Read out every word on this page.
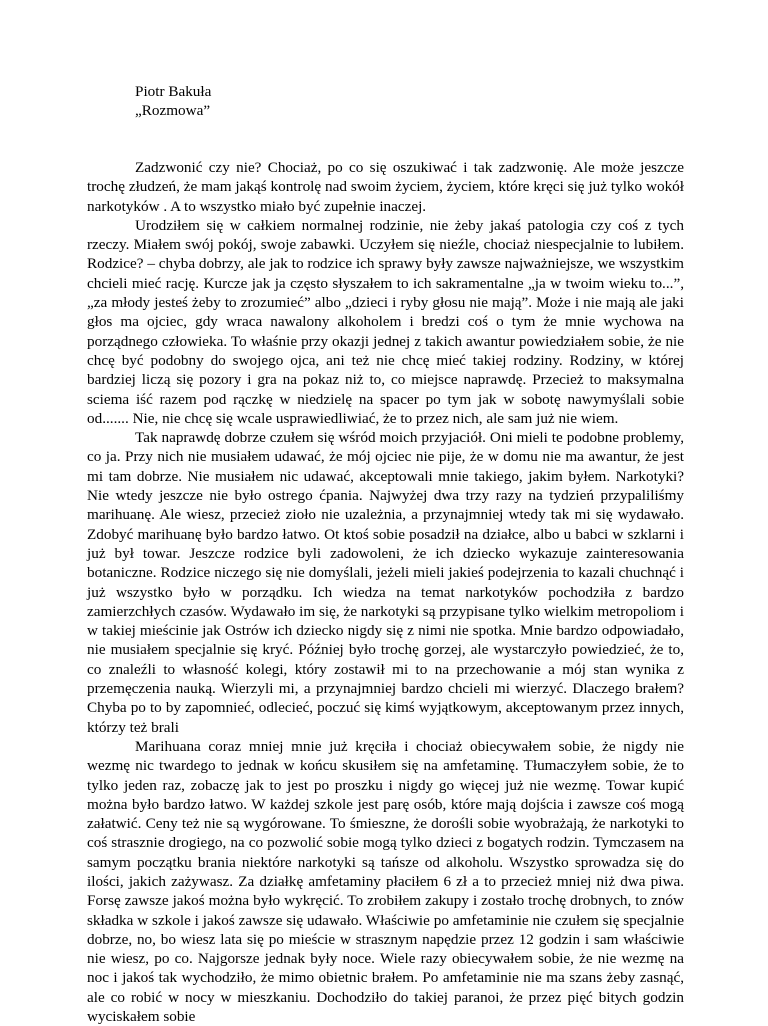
Piotr Bakuła
„Rozmowa”

Zadzwonić czy nie? Chociaż, po co się oszukiwać i tak zadzwonię. Ale może jeszcze trochę złudzeń, że mam jakąś kontrolę nad swoim życiem, życiem, które kręci się już tylko wokół narkotyków . A to wszystko miało być zupełnie inaczej.

Urodziłem się w całkiem normalnej rodzinie, nie żeby jakaś patologia czy coś z tych rzeczy. Miałem swój pokój, swoje zabawki. Uczyłem się nieźle, chociaż niespecjalnie to lubiłem. Rodzice? – chyba dobrzy, ale jak to rodzice ich sprawy były zawsze najważniejsze, we wszystkim chcieli mieć rację. Kurcze jak ja często słyszałem to ich sakramentalne „ja w twoim wieku to...”, „za młody jesteś żeby to zrozumieć” albo „dzieci i ryby głosu nie mają”. Może i nie mają ale jaki głos ma ojciec, gdy wraca nawalony alkoholem i bredzi coś o tym że mnie wychowa na porządnego człowieka. To właśnie przy okazji jednej z takich awantur powiedziałem sobie, że nie chcę być podobny do swojego ojca, ani też nie chcę mieć takiej rodziny. Rodziny, w której bardziej liczą się pozory i gra na pokaz niż to, co miejsce naprawdę. Przecież to maksymalna sciema iść razem pod rączkę w niedzielę na spacer po tym jak w sobotę nawymyślali sobie od....... Nie, nie chcę się wcale usprawiedliwiać, że to przez nich, ale sam już nie wiem.

Tak naprawdę dobrze czułem się wśród moich przyjaciół. Oni mieli te podobne problemy, co ja. Przy nich nie musiałem udawać, że mój ojciec nie pije, że w domu nie ma awantur, że jest mi tam dobrze. Nie musiałem nic udawać, akceptowali mnie takiego, jakim byłem. Narkotyki? Nie wtedy jeszcze nie było ostrego ćpania. Najwyżej dwa trzy razy na tydzień przypaliliśmy marihuanę. Ale wiesz, przecież zioło nie uzależnia, a przynajmniej wtedy tak mi się wydawało. Zdobyć marihuanę było bardzo łatwo. Ot ktoś sobie posadził na działce, albo u babci w szklarni i już był towar. Jeszcze rodzice byli zadowoleni, że ich dziecko wykazuje zainteresowania botaniczne. Rodzice niczego się nie domyślali, jeżeli mieli jakieś podejrzenia to kazali chuchnąć i już wszystko było w porządku. Ich wiedza na temat narkotyków pochodziła z bardzo zamierzchłych czasów. Wydawało im się, że narkotyki są przypisane tylko wielkim metropoliom i w takiej mieścinie jak Ostrów ich dziecko nigdy się z nimi nie spotka. Mnie bardzo odpowiadało, nie musiałem specjalnie się kryć. Później było trochę gorzej, ale wystarczyło powiedzieć, że to, co znaleźli to własność kolegi, który zostawił mi to na przechowanie a mój stan wynika z przemęczenia nauką. Wierzyli mi, a przynajmniej bardzo chcieli mi wierzyć. Dlaczego brałem? Chyba po to by zapomnieć, odlecieć, poczuć się kimś wyjątkowym, akceptowanym przez innych, którzy też brali

Marihuana coraz mniej mnie już kręciła i chociaż obiecywałem sobie, że nigdy nie wezmę nic twardego to jednak w końcu skusiłem się na amfetaminę. Tłumaczyłem sobie, że to tylko jeden raz, zobaczę jak to jest po proszku i nigdy go więcej już nie wezmę. Towar kupić można było bardzo łatwo. W każdej szkole jest parę osób, które mają dojścia i zawsze coś mogą załatwić. Ceny też nie są wygórowane. To śmieszne, że dorośli sobie wyobrażają, że narkotyki to coś strasznie drogiego, na co pozwolić sobie mogą tylko dzieci z bogatych rodzin. Tymczasem na samym początku brania niektóre narkotyki są tańsze od alkoholu. Wszystko sprowadza się do ilości, jakich zażywasz. Za działkę amfetaminy płaciłem 6 zł a to przecież mniej niż dwa piwa. Forsę zawsze jakoś można było wykręcić. To zrobiłem zakupy i zostało trochę drobnych, to znów składka w szkole i jakoś zawsze się udawało. Właściwie po amfetaminie nie czułem się specjalnie dobrze, no, bo wiesz lata się po mieście w strasznym napędzie przez 12 godzin i sam właściwie nie wiesz, po co. Najgorsze jednak były noce. Wiele razy obiecywałem sobie, że nie wezmę na noc i jakoś tak wychodziło, że mimo obietnic brałem. Po amfetaminie nie ma szans żeby zasnąć, ale co robić w nocy w mieszkaniu. Dochodziło do takiej paranoi, że przez pięć bitych godzin wyciskałem sobie
